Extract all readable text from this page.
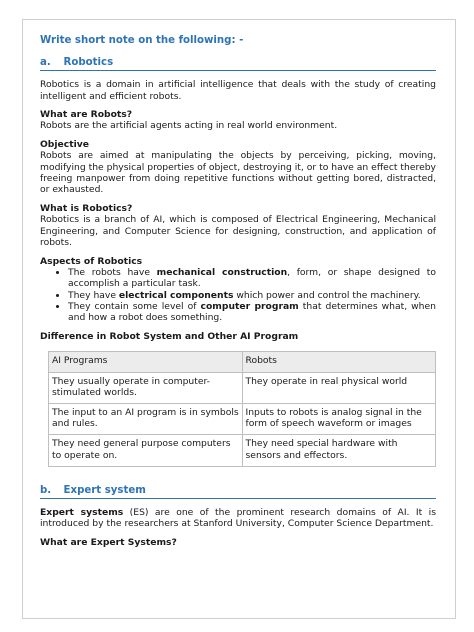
Write short note on the following: -
a. Robotics

Robotics is a domain in artificial intelligence that deals with the study of creating intelligent and efficient robots.

What are Robots?

Robots are the artificial agents acting in real world environment.

Objective

Robots are aimed at manipulating the objects by perceiving, picking, moving, modifying the physical properties of object, destroying it, or to have an effect thereby freeing manpower from doing repetitive functions without getting bored, distracted, or exhausted.

What is Robotics?

Robotics is a branch of AI, which is composed of Electrical Engineering, Mechanical Engineering, and Computer Science for designing, construction, and application of robots.

Aspects of Robotics

• The robots have mechanical construction, form, or shape designed to accomplish a particular task.
• They have electrical components which power and control the machinery.
• They contain some level of computer program that determines what, when and how a robot does something.

Difference in Robot System and Other AI Program

AI Programs	Robots
They usually operate in computer-stimulated worlds.	They operate in real physical world
The input to an AI program is in symbols and rules.	Inputs to robots is analog signal in the form of speech waveform or images
They need general purpose computers to operate on.	They need special hardware with sensors and effectors.
b. Expert system

Expert systems (ES) are one of the prominent research domains of AI. It is introduced by the researchers at Stanford University, Computer Science Department.

What are Expert Systems?
